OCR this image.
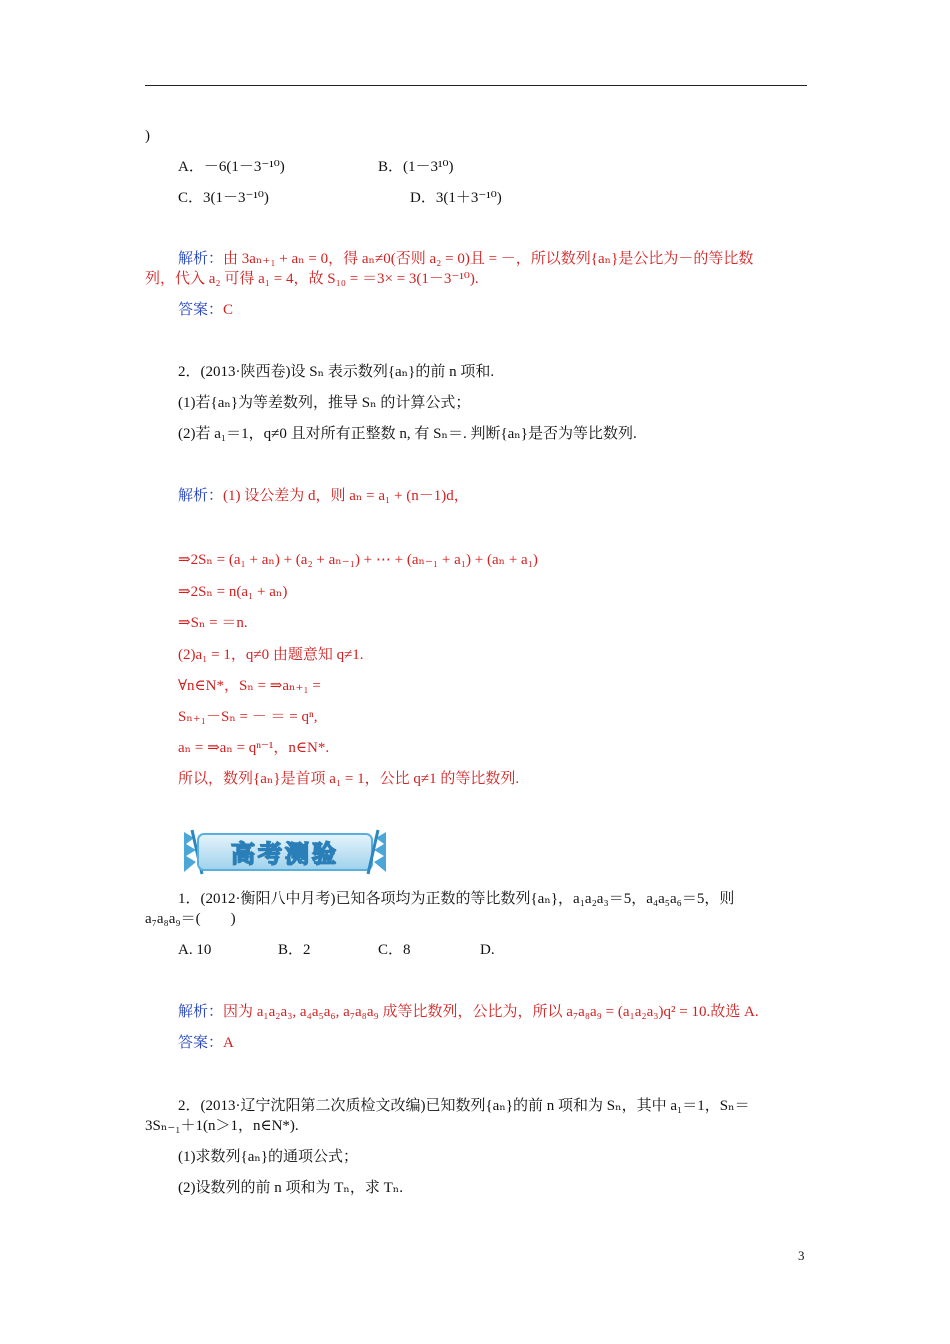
)
A．－6(1－3⁻¹⁰)	B．(1－3¹⁰)
C．3(1－3⁻¹⁰)	D．3(1＋3⁻¹⁰)
解析：由 3aₙ₊₁ + aₙ = 0，得 aₙ≠0(否则 a₂ = 0)且 = －，所以数列{aₙ}是公比为－的等比数
列，代入 a₂ 可得 a₁ = 4，故 S₁₀ = ＝3× = 3(1－3⁻¹⁰).
答案：C
2．(2013·陕西卷)设 Sₙ 表示数列{aₙ}的前 n 项和.
(1)若{aₙ}为等差数列，推导 Sₙ 的计算公式；
(2)若 a₁＝1，q≠0 且对所有正整数 n, 有 Sₙ＝. 判断{aₙ}是否为等比数列.
解析：(1) 设公差为 d，则 aₙ = a₁ + (n－1)d，
⇒2Sₙ = (a₁ + aₙ) + (a₂ + aₙ₋₁) + ⋯ + (aₙ₋₁ + a₁) + (aₙ + a₁)
⇒2Sₙ = n(a₁ + aₙ)
⇒Sₙ = ＝n.
(2)a₁ = 1，q≠0 由题意知 q≠1.
∀n∈N*，Sₙ = ⇒aₙ₊₁ =
Sₙ₊₁－Sₙ = － ＝ = qⁿ,
aₙ = ⇒aₙ = qⁿ⁻¹，n∈N*.
所以，数列{aₙ}是首项 a₁ = 1，公比 q≠1 的等比数列.
高考测验
1．(2012·衡阳八中月考)已知各项均为正数的等比数列{aₙ}，a₁a₂a₃＝5，a₄a₅a₆＝5，则
a₇a₈a₉＝(　　)
A. 10	B．2	C．8	D.
解析：因为 a₁a₂a₃, a₄a₅a₆, a₇a₈a₉ 成等比数列，公比为，所以 a₇a₈a₉ = (a₁a₂a₃)q² = 10.故选 A.
答案：A
2．(2013·辽宁沈阳第二次质检文改编)已知数列{aₙ}的前 n 项和为 Sₙ，其中 a₁＝1，Sₙ＝
3Sₙ₋₁＋1(n＞1，n∈N*).
(1)求数列{aₙ}的通项公式；
(2)设数列的前 n 项和为 Tₙ，求 Tₙ.
3
